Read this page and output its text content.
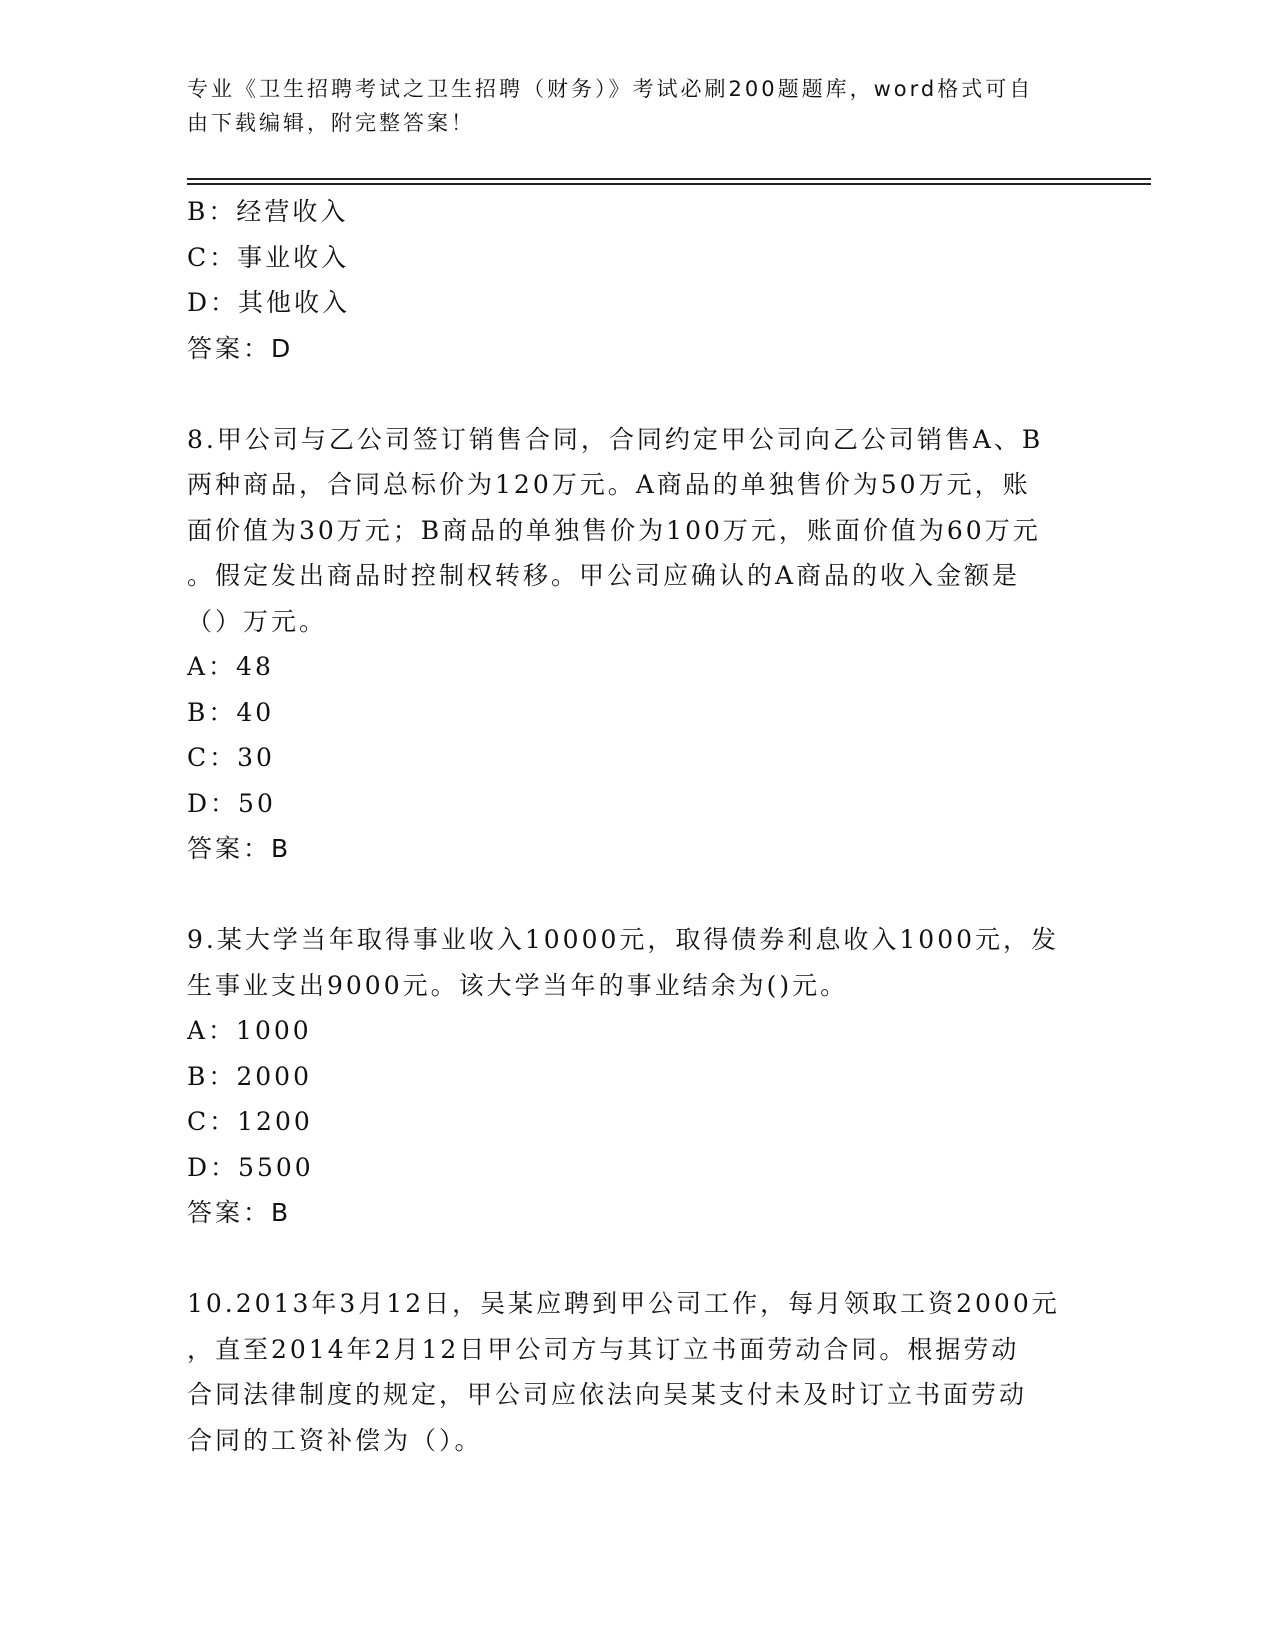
专业《卫生招聘考试之卫生招聘（财务）》考试必刷200题题库，word格式可自
由下载编辑，附完整答案！
B：经营收入
C：事业收入
D：其他收入
答案：D
8.甲公司与乙公司签订销售合同，合同约定甲公司向乙公司销售A、B
两种商品，合同总标价为120万元。A商品的单独售价为50万元，账
面价值为30万元；B商品的单独售价为100万元，账面价值为60万元
。假定发出商品时控制权转移。甲公司应确认的A商品的收入金额是
（）万元。
A：48
B：40
C：30
D：50
答案：B
9.某大学当年取得事业收入10000元，取得债券利息收入1000元，发
生事业支出9000元。该大学当年的事业结余为()元。
A：1000
B：2000
C：1200
D：5500
答案：B
10.2013年3月12日，吴某应聘到甲公司工作，每月领取工资2000元
，直至2014年2月12日甲公司方与其订立书面劳动合同。根据劳动
合同法律制度的规定，甲公司应依法向吴某支付未及时订立书面劳动
合同的工资补偿为（）。
